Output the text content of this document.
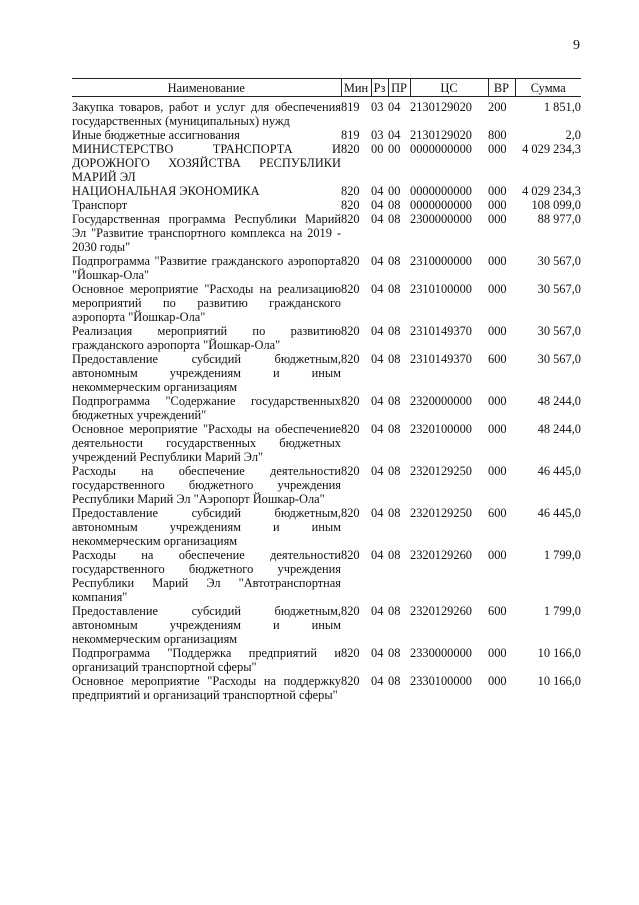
9
Наименование	Мин	Рз	ПР	ЦС	ВР	Сумма

Закупка товаров, работ и услуг для обеспечения государственных (муниципальных) нужд	819	03	04	2130129020	200	1 851,0
Иные бюджетные ассигнования	819	03	04	2130129020	800	2,0
МИНИСТЕРСТВО ТРАНСПОРТА И ДОРОЖНОГО ХОЗЯЙСТВА РЕСПУБЛИКИ МАРИЙ ЭЛ	820	00	00	0000000000	000	4 029 234,3
НАЦИОНАЛЬНАЯ ЭКОНОМИКА	820	04	00	0000000000	000	4 029 234,3
Транспорт	820	04	08	0000000000	000	108 099,0
Государственная программа Республики Марий Эл "Развитие транспортного комплекса на 2019 - 2030 годы"	820	04	08	2300000000	000	88 977,0
Подпрограмма "Развитие гражданского аэропорта "Йошкар-Ола"	820	04	08	2310000000	000	30 567,0
Основное мероприятие "Расходы на реализацию мероприятий по развитию гражданского аэропорта "Йошкар-Ола"	820	04	08	2310100000	000	30 567,0
Реализация мероприятий по развитию гражданского аэропорта "Йошкар-Ола"	820	04	08	2310149370	000	30 567,0
Предоставление субсидий бюджетным, автономным учреждениям и иным некоммерческим организациям	820	04	08	2310149370	600	30 567,0
Подпрограмма "Содержание государственных бюджетных учреждений"	820	04	08	2320000000	000	48 244,0
Основное мероприятие "Расходы на обеспечение деятельности государственных бюджетных учреждений Республики Марий Эл"	820	04	08	2320100000	000	48 244,0
Расходы на обеспечение деятельности государственного бюджетного учреждения Республики Марий Эл "Аэропорт Йошкар-Ола"	820	04	08	2320129250	000	46 445,0
Предоставление субсидий бюджетным, автономным учреждениям и иным некоммерческим организациям	820	04	08	2320129250	600	46 445,0
Расходы на обеспечение деятельности государственного бюджетного учреждения Республики Марий Эл "Автотранспортная компания"	820	04	08	2320129260	000	1 799,0
Предоставление субсидий бюджетным, автономным учреждениям и иным некоммерческим организациям	820	04	08	2320129260	600	1 799,0
Подпрограмма "Поддержка предприятий и организаций транспортной сферы"	820	04	08	2330000000	000	10 166,0
Основное мероприятие "Расходы на поддержку предприятий и организаций транспортной сферы"	820	04	08	2330100000	000	10 166,0
